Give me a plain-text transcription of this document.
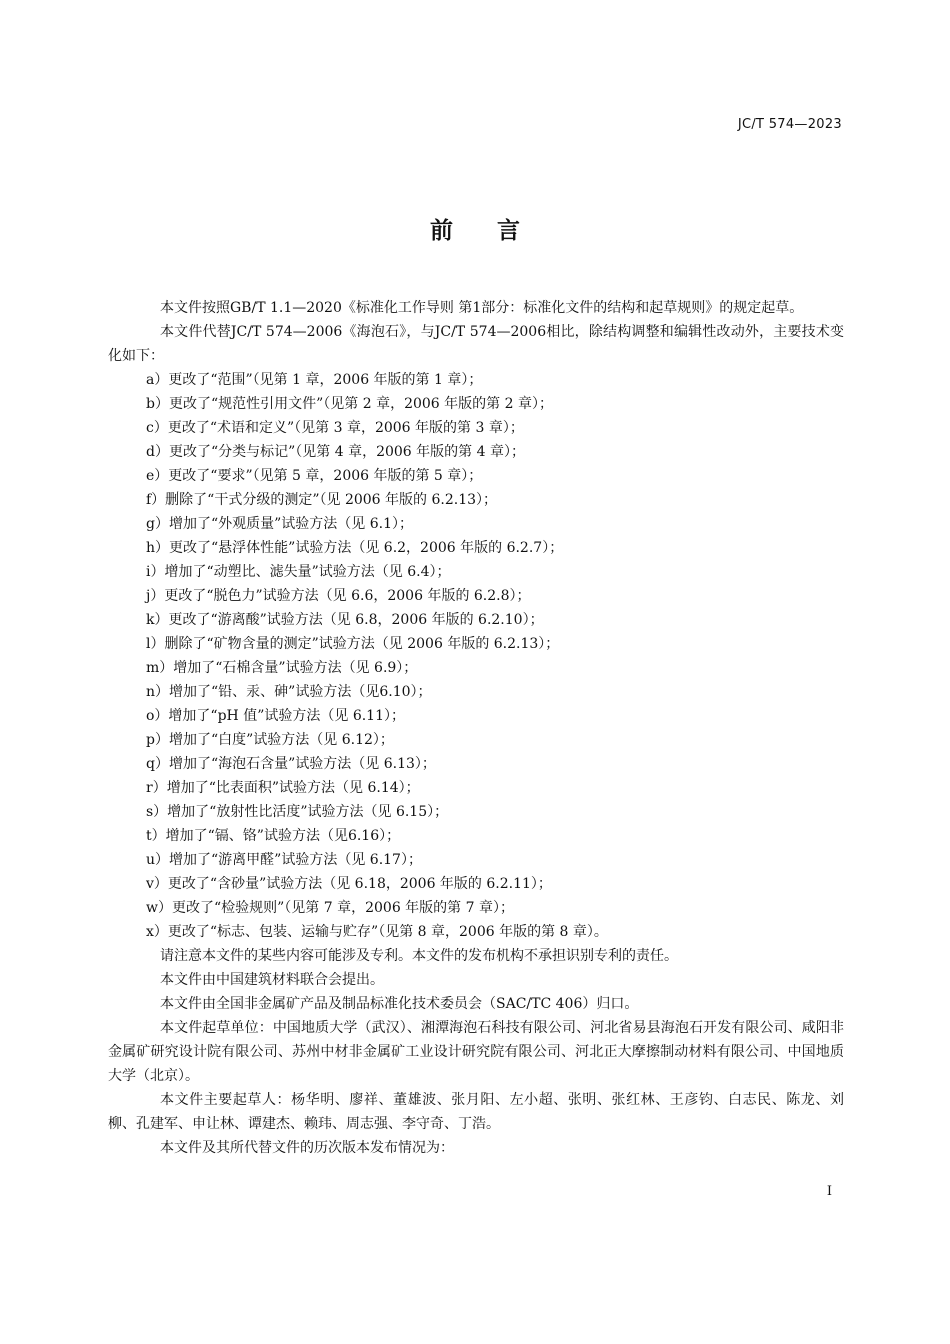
JC/T 574—2023
前言

本文件按照GB/T 1.1—2020《标准化工作导则 第1部分：标准化文件的结构和起草规则》的规定起草。

本文件代替JC/T 574—2006《海泡石》，与JC/T 574—2006相比，除结构调整和编辑性改动外，主要技术变化如下：

a）更改了“范围”（见第 1 章，2006 年版的第 1 章）；
b）更改了“规范性引用文件”（见第 2 章，2006 年版的第 2 章）；
c）更改了“术语和定义”（见第 3 章，2006 年版的第 3 章）；
d）更改了“分类与标记”（见第 4 章，2006 年版的第 4 章）；
e）更改了“要求”（见第 5 章，2006 年版的第 5 章）；
f）删除了“干式分级的测定”（见 2006 年版的 6.2.13）；
g）增加了“外观质量”试验方法（见 6.1）；
h）更改了“悬浮体性能”试验方法（见 6.2，2006 年版的 6.2.7）；
i）增加了“动塑比、滤失量”试验方法（见 6.4）；
j）更改了“脱色力”试验方法（见 6.6，2006 年版的 6.2.8）；
k）更改了“游离酸”试验方法（见 6.8，2006 年版的 6.2.10）；
l）删除了“矿物含量的测定”试验方法（见 2006 年版的 6.2.13）；
m）增加了“石棉含量”试验方法（见 6.9）；
n）增加了“铅、汞、砷”试验方法（见6.10）；
o）增加了“pH 值”试验方法（见 6.11）；
p）增加了“白度”试验方法（见 6.12）；
q）增加了“海泡石含量”试验方法（见 6.13）；
r）增加了“比表面积”试验方法（见 6.14）；
s）增加了“放射性比活度”试验方法（见 6.15）；
t）增加了“镉、铬”试验方法（见6.16）；
u）增加了“游离甲醛”试验方法（见 6.17）；
v）更改了“含砂量”试验方法（见 6.18，2006 年版的 6.2.11）；
w）更改了“检验规则”（见第 7 章，2006 年版的第 7 章）；
x）更改了“标志、包装、运输与贮存”（见第 8 章，2006 年版的第 8 章）。

请注意本文件的某些内容可能涉及专利。本文件的发布机构不承担识别专利的责任。

本文件由中国建筑材料联合会提出。

本文件由全国非金属矿产品及制品标准化技术委员会（SAC/TC 406）归口。

本文件起草单位：中国地质大学（武汉）、湘潭海泡石科技有限公司、河北省易县海泡石开发有限公司、咸阳非金属矿研究设计院有限公司、苏州中材非金属矿工业设计研究院有限公司、河北正大摩擦制动材料有限公司、中国地质大学（北京）。

本文件主要起草人：杨华明、廖祥、董雄波、张月阳、左小超、张明、张红林、王彦钧、白志民、陈龙、刘柳、孔建军、申让林、谭建杰、赖玮、周志强、李守奇、丁浩。

本文件及其所代替文件的历次版本发布情况为：

I
